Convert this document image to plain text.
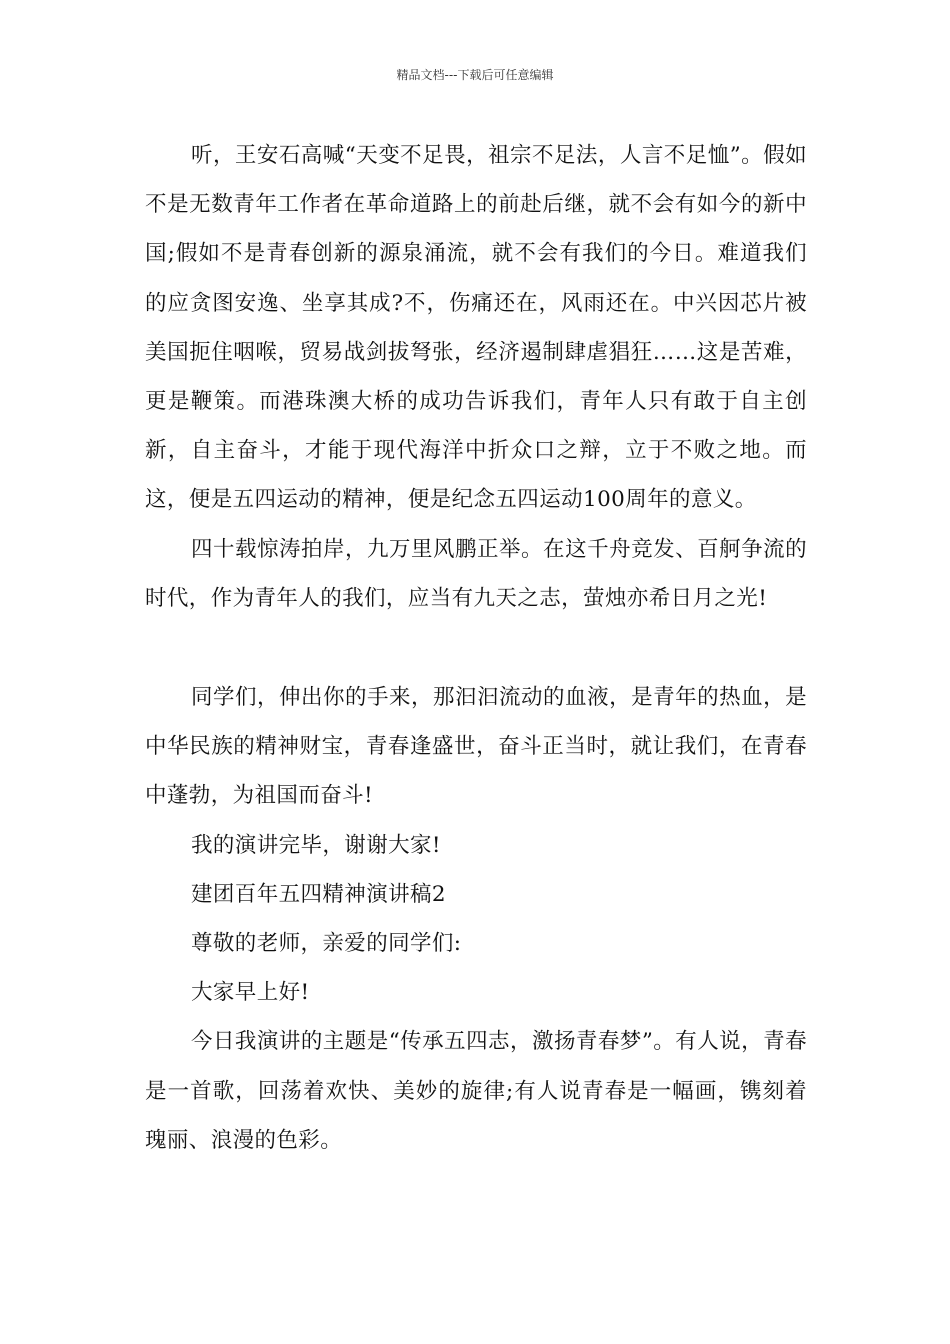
精品文档---下载后可任意编辑

听，王安石高喊“天变不足畏，祖宗不足法，人言不足恤”。假如不是无数青年工作者在革命道路上的前赴后继，就不会有如今的新中国;假如不是青春创新的源泉涌流，就不会有我们的今日。难道我们的应贪图安逸、坐享其成?不，伤痛还在，风雨还在。中兴因芯片被美国扼住咽喉，贸易战剑拔弩张，经济遏制肆虐猖狂……这是苦难，更是鞭策。而港珠澳大桥的成功告诉我们，青年人只有敢于自主创新，自主奋斗，才能于现代海洋中折众口之辩，立于不败之地。而这，便是五四运动的精神，便是纪念五四运动100周年的意义。

四十载惊涛拍岸，九万里风鹏正举。在这千舟竞发、百舸争流的时代，作为青年人的我们，应当有九天之志，萤烛亦希日月之光!

同学们，伸出你的手来，那汩汩流动的血液，是青年的热血，是中华民族的精神财宝，青春逢盛世，奋斗正当时，就让我们，在青春中蓬勃，为祖国而奋斗!

我的演讲完毕，谢谢大家!

建团百年五四精神演讲稿2

尊敬的老师，亲爱的同学们:

大家早上好!

今日我演讲的主题是“传承五四志，激扬青春梦”。有人说，青春是一首歌，回荡着欢快、美妙的旋律;有人说青春是一幅画，镌刻着瑰丽、浪漫的色彩。
